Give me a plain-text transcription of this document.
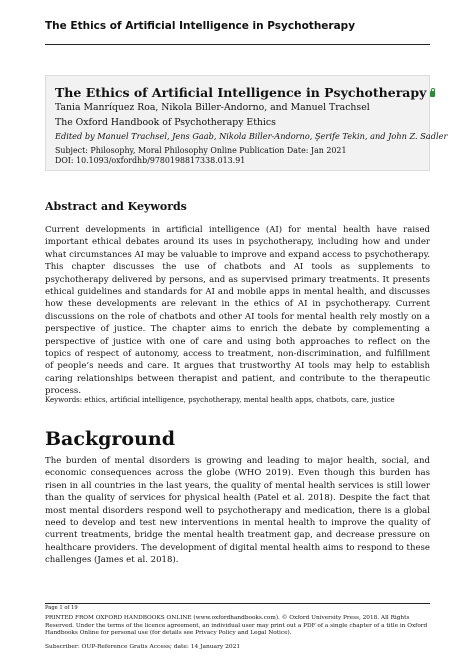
The Ethics of Artificial Intelligence in Psychotherapy
The Ethics of Artificial Intelligence in Psychotherapy
Tania Manríquez Roa, Nikola Biller-Andorno, and Manuel Trachsel
The Oxford Handbook of Psychotherapy Ethics
Edited by Manuel Trachsel, Jens Gaab, Nikola Biller-Andorno, Şerife Tekin, and John Z. Sadler
Subject: Philosophy, Moral Philosophy Online Publication Date: Jan 2021
DOI: 10.1093/oxfordhb/9780198817338.013.91
Abstract and Keywords
Current developments in artificial intelligence (AI) for mental health have raised important ethical debates around its uses in psychotherapy, including how and under what circumstances AI may be valuable to improve and expand access to psychotherapy. This chapter discusses the use of chatbots and AI tools as supplements to psychotherapy delivered by persons, and as supervised primary treatments. It presents ethical guidelines and standards for AI and mobile apps in mental health, and discusses how these developments are relevant in the ethics of AI in psychotherapy. Current discussions on the role of chatbots and other AI tools for mental health rely mostly on a perspective of justice. The chapter aims to enrich the debate by complementing a perspective of justice with one of care and using both approaches to reflect on the topics of respect of autonomy, access to treatment, non-discrimination, and fulfillment of people’s needs and care. It argues that trustworthy AI tools may help to establish caring relationships between therapist and patient, and contribute to the therapeutic process.
Keywords: ethics, artificial intelligence, psychotherapy, mental health apps, chatbots, care, justice
Background
The burden of mental disorders is growing and leading to major health, social, and economic consequences across the globe (WHO 2019). Even though this burden has risen in all countries in the last years, the quality of mental health services is still lower than the quality of services for physical health (Patel et al. 2018). Despite the fact that most mental disorders respond well to psychotherapy and medication, there is a global need to develop and test new interventions in mental health to improve the quality of current treatments, bridge the mental health treatment gap, and decrease pressure on healthcare providers. The development of digital mental health aims to respond to these challenges (James et al. 2018).
Page 1 of 19
PRINTED FROM OXFORD HANDBOOKS ONLINE (www.oxfordhandbooks.com). © Oxford University Press, 2018. All Rights Reserved. Under the terms of the licence agreement, an individual user may print out a PDF of a single chapter of a title in Oxford Handbooks Online for personal use (for details see Privacy Policy and Legal Notice).
Subscriber: OUP-Reference Gratis Access; date: 14 January 2021
